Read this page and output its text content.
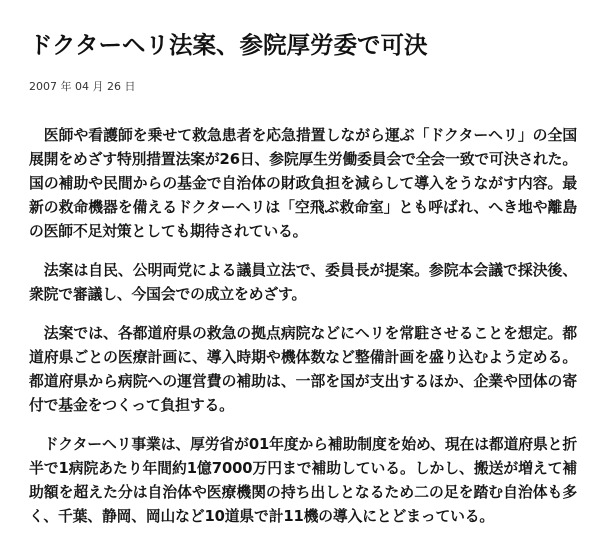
ドクターヘリ法案、参院厚労委で可決
2007 年 04 月 26 日

医師や看護師を乗せて救急患者を応急措置しながら運ぶ「ドクターヘリ」の全国展開をめざす特別措置法案が26日、参院厚生労働委員会で全会一致で可決された。国の補助や民間からの基金で自治体の財政負担を減らして導入をうながす内容。最新の救命機器を備えるドクターヘリは「空飛ぶ救命室」とも呼ばれ、へき地や離島の医師不足対策としても期待されている。

法案は自民、公明両党による議員立法で、委員長が提案。参院本会議で採決後、衆院で審議し、今国会での成立をめざす。

法案では、各都道府県の救急の拠点病院などにヘリを常駐させることを想定。都道府県ごとの医療計画に、導入時期や機体数など整備計画を盛り込むよう定める。都道府県から病院への運営費の補助は、一部を国が支出するほか、企業や団体の寄付で基金をつくって負担する。

ドクターヘリ事業は、厚労省が01年度から補助制度を始め、現在は都道府県と折半で1病院あたり年間約1億7000万円まで補助している。しかし、搬送が増えて補助額を超えた分は自治体や医療機関の持ち出しとなるため二の足を踏む自治体も多く、千葉、静岡、岡山など10道県で計11機の導入にとどまっている。
